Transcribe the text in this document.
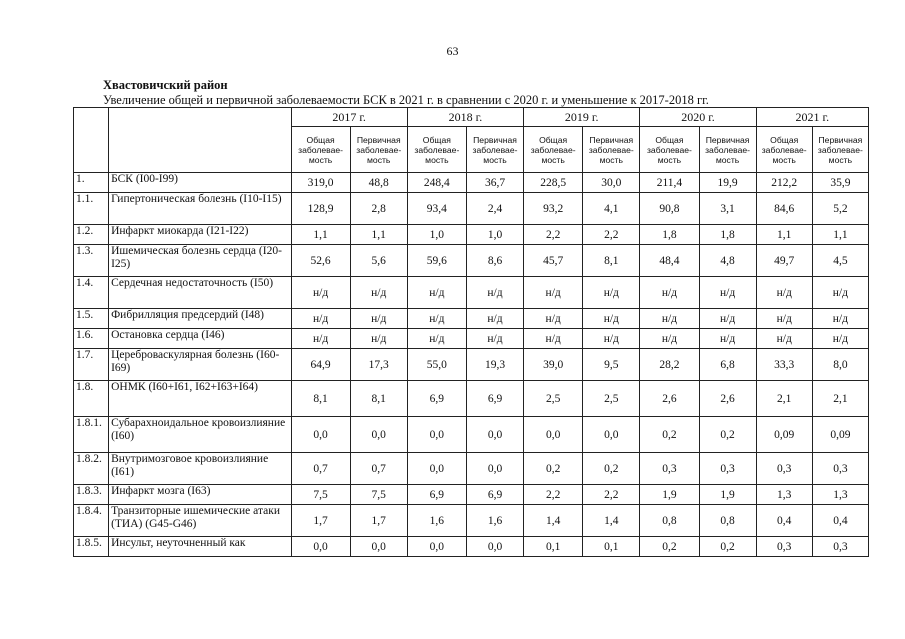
63
Хвастовичский район
Увеличение общей и первичной заболеваемости БСК в 2021 г. в сравнении с 2020 г. и уменьшение к 2017-2018 гг.
		2017 г.		2018 г.		2019 г.		2020 г.		2021 г.	
		Общая заболевае-мость	Первичная заболевае-мость	Общая заболевае-мость	Первичная заболевае-мость	Общая заболевае-мость	Первичная заболевае-мость	Общая заболевае-мость	Первичная заболевае-мость	Общая заболевае-мость	Первичная заболевае-мость
1.	БСК (I00-I99)	319,0	48,8	248,4	36,7	228,5	30,0	211,4	19,9	212,2	35,9
1.1.	Гипертоническая болезнь (I10-I15)	128,9	2,8	93,4	2,4	93,2	4,1	90,8	3,1	84,6	5,2
1.2.	Инфаркт миокарда (I21-I22)	1,1	1,1	1,0	1,0	2,2	2,2	1,8	1,8	1,1	1,1
1.3.	Ишемическая болезнь сердца (I20-I25)	52,6	5,6	59,6	8,6	45,7	8,1	48,4	4,8	49,7	4,5
1.4.	Сердечная недостаточность (I50)	н/д	н/д	н/д	н/д	н/д	н/д	н/д	н/д	н/д	н/д
1.5.	Фибрилляция предсердий (I48)	н/д	н/д	н/д	н/д	н/д	н/д	н/д	н/д	н/д	н/д
1.6.	Остановка сердца (I46)	н/д	н/д	н/д	н/д	н/д	н/д	н/д	н/д	н/д	н/д
1.7.	Цереброваскулярная болезнь (I60-I69)	64,9	17,3	55,0	19,3	39,0	9,5	28,2	6,8	33,3	8,0
1.8.	ОНМК (I60+I61, I62+I63+I64)	8,1	8,1	6,9	6,9	2,5	2,5	2,6	2,6	2,1	2,1
1.8.1.	Субарахноидальное кровоизлияние (I60)	0,0	0,0	0,0	0,0	0,0	0,0	0,2	0,2	0,09	0,09
1.8.2.	Внутримозговое кровоизлияние (I61)	0,7	0,7	0,0	0,0	0,2	0,2	0,3	0,3	0,3	0,3
1.8.3.	Инфаркт мозга (I63)	7,5	7,5	6,9	6,9	2,2	2,2	1,9	1,9	1,3	1,3
1.8.4.	Транзиторные ишемические атаки (ТИА) (G45-G46)	1,7	1,7	1,6	1,6	1,4	1,4	0,8	0,8	0,4	0,4
1.8.5.	Инсульт, неуточненный как	0,0	0,0	0,0	0,0	0,1	0,1	0,2	0,2	0,3	0,3
